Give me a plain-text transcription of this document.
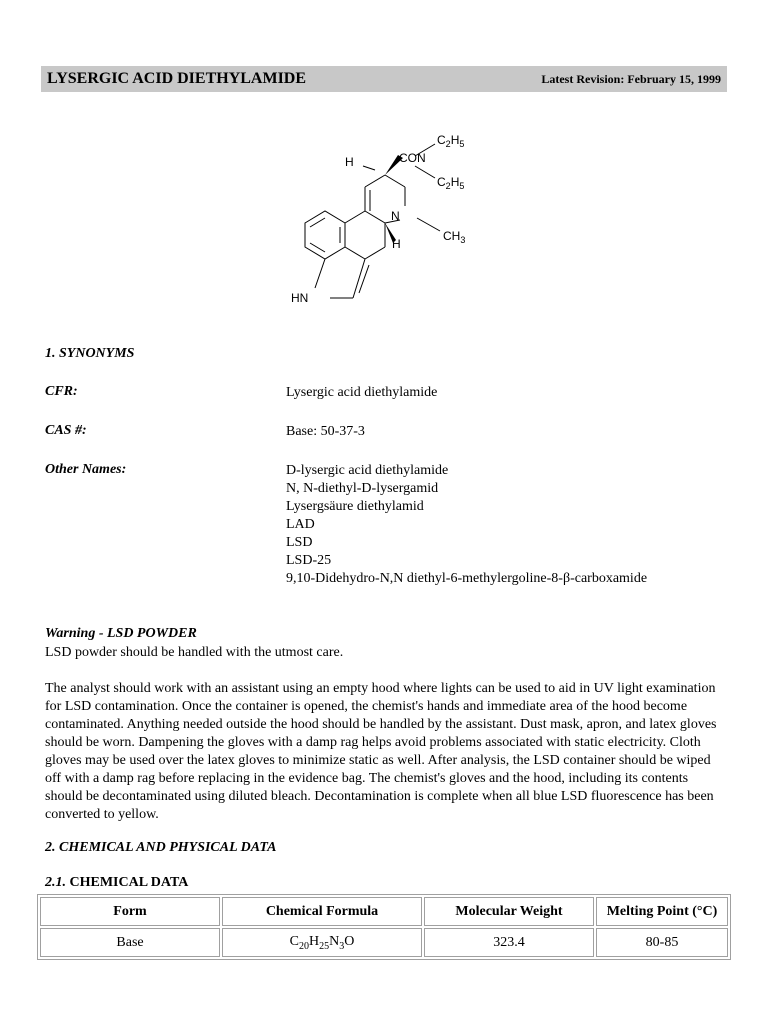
LYSERGIC ACID DIETHYLAMIDE	Latest Revision: February 15, 1999
H	CON
$C_2H_5$
$C_2H_5$
N
$CH_3$
H
HN
1. SYNONYMS
CFR:	Lysergic acid diethylamide
CAS #:	Base: 50-37-3
Other Names:	D-lysergic acid diethylamide
N, N-diethyl-D-lysergamid
Lysergsäure diethylamid
LAD
LSD
LSD-25
9,10-Didehydro-N,N diethyl-6-methylergoline-8-β-carboxamide
Warning - LSD POWDER

LSD powder should be handled with the utmost care.

The analyst should work with an assistant using an empty hood where lights can be used to aid in UV light examination for LSD contamination. Once the container is opened, the chemist's hands and immediate area of the hood become contaminated. Anything needed outside the hood should be handled by the assistant. Dust mask, apron, and latex gloves should be worn. Dampening the gloves with a damp rag helps avoid problems associated with static electricity. Cloth gloves may be used over the latex gloves to minimize static as well. After analysis, the LSD container should be wiped off with a damp rag before replacing in the evidence bag. The chemist's gloves and the hood, including its contents should be decontaminated using diluted bleach. Decontamination is complete when all blue LSD fluorescence has been converted to yellow.

2. CHEMICAL AND PHYSICAL DATA
2.1. CHEMICAL DATA
Form	Chemical Formula	Molecular Weight	Melting Point (°C)
Base	$C_{20}H_{25}N_3O$	323.4	80-85
